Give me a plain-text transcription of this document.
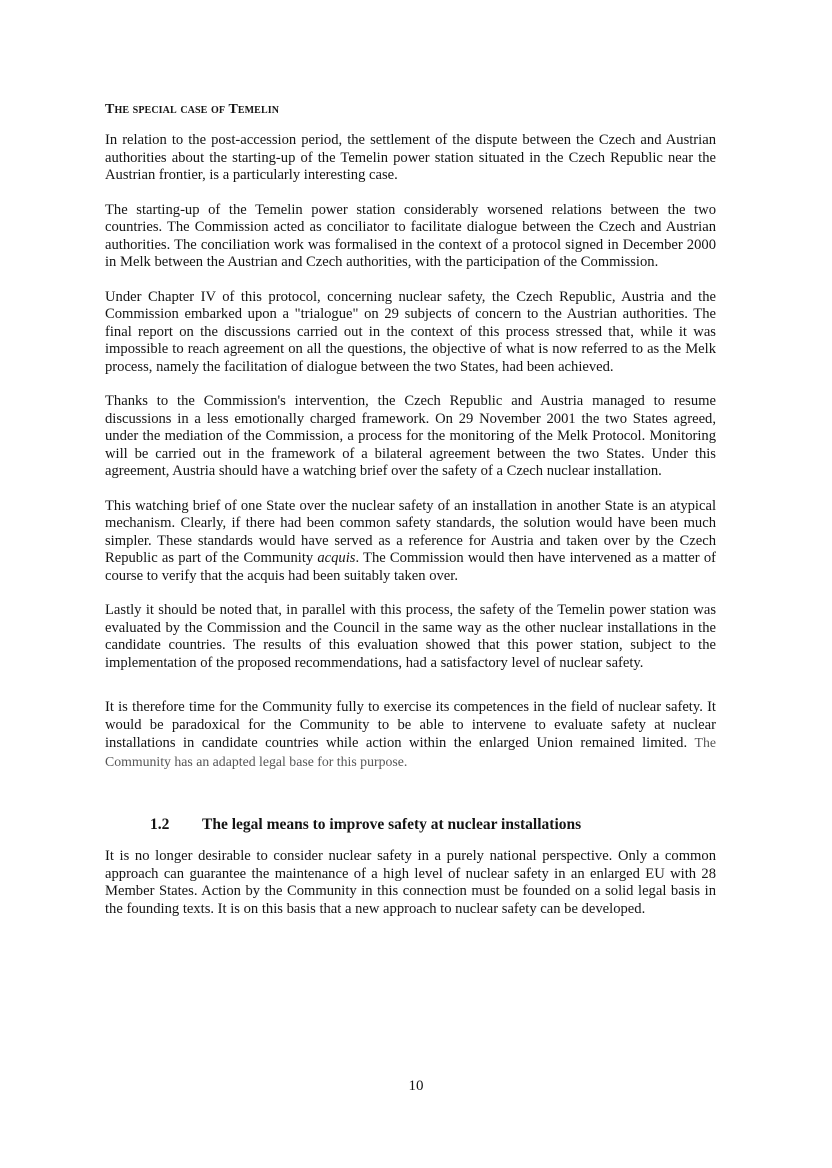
The special case of Temelin

In relation to the post-accession period, the settlement of the dispute between the Czech and Austrian authorities about the starting-up of the Temelin power station situated in the Czech Republic near the Austrian frontier, is a particularly interesting case.

The starting-up of the Temelin power station considerably worsened relations between the two countries. The Commission acted as conciliator to facilitate dialogue between the Czech and Austrian authorities. The conciliation work was formalised in the context of a protocol signed in December 2000 in Melk between the Austrian and Czech authorities, with the participation of the Commission.

Under Chapter IV of this protocol, concerning nuclear safety, the Czech Republic, Austria and the Commission embarked upon a "trialogue" on 29 subjects of concern to the Austrian authorities. The final report on the discussions carried out in the context of this process stressed that, while it was impossible to reach agreement on all the questions, the objective of what is now referred to as the Melk process, namely the facilitation of dialogue between the two States, had been achieved.

Thanks to the Commission's intervention, the Czech Republic and Austria managed to resume discussions in a less emotionally charged framework. On 29 November 2001 the two States agreed, under the mediation of the Commission, a process for the monitoring of the Melk Protocol. Monitoring will be carried out in the framework of a bilateral agreement between the two States. Under this agreement, Austria should have a watching brief over the safety of a Czech nuclear installation.

This watching brief of one State over the nuclear safety of an installation in another State is an atypical mechanism. Clearly, if there had been common safety standards, the solution would have been much simpler. These standards would have served as a reference for Austria and taken over by the Czech Republic as part of the Community acquis. The Commission would then have intervened as a matter of course to verify that the acquis had been suitably taken over.

Lastly it should be noted that, in parallel with this process, the safety of the Temelin power station was evaluated by the Commission and the Council in the same way as the other nuclear installations in the candidate countries. The results of this evaluation showed that this power station, subject to the implementation of the proposed recommendations, had a satisfactory level of nuclear safety.

It is therefore time for the Community fully to exercise its competences in the field of nuclear safety. It would be paradoxical for the Community to be able to intervene to evaluate safety at nuclear installations in candidate countries while action within the enlarged Union remained limited. The Community has an adapted legal base for this purpose.

1.2 The legal means to improve safety at nuclear installations

It is no longer desirable to consider nuclear safety in a purely national perspective. Only a common approach can guarantee the maintenance of a high level of nuclear safety in an enlarged EU with 28 Member States. Action by the Community in this connection must be founded on a solid legal basis in the founding texts. It is on this basis that a new approach to nuclear safety can be developed.

10
